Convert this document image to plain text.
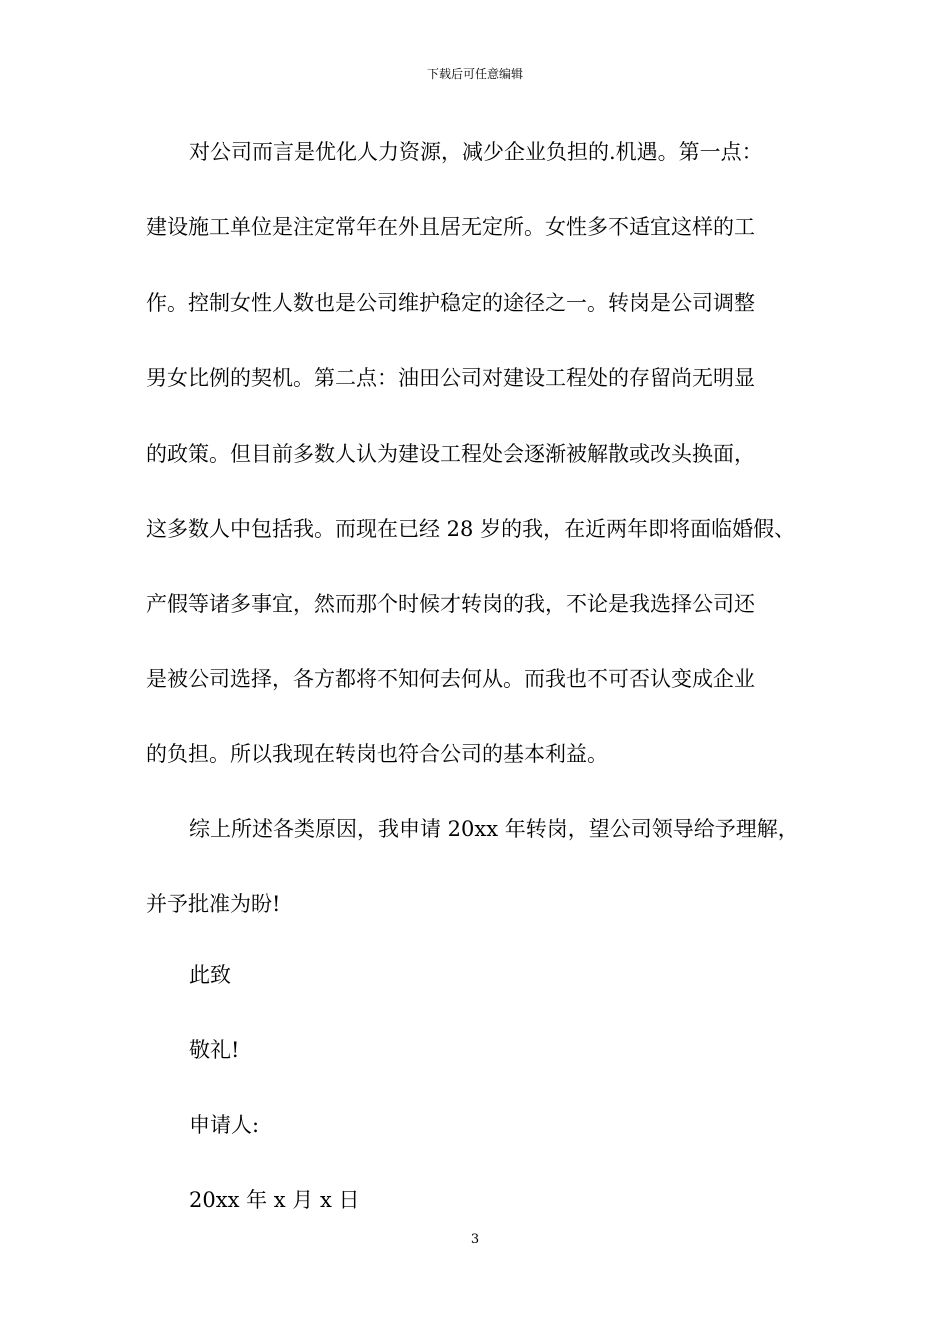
下载后可任意编辑
对公司而言是优化人力资源，减少企业负担的.机遇。第一点：
建设施工单位是注定常年在外且居无定所。女性多不适宜这样的工
作。控制女性人数也是公司维护稳定的途径之一。转岗是公司调整
男女比例的契机。第二点：油田公司对建设工程处的存留尚无明显
的政策。但目前多数人认为建设工程处会逐渐被解散或改头换面，
这多数人中包括我。而现在已经 28 岁的我，在近两年即将面临婚假、
产假等诸多事宜，然而那个时候才转岗的我，不论是我选择公司还
是被公司选择，各方都将不知何去何从。而我也不可否认变成企业
的负担。所以我现在转岗也符合公司的基本利益。
综上所述各类原因，我申请 20xx 年转岗，望公司领导给予理解，
并予批准为盼!
此致
敬礼!
申请人:
20xx 年 x 月 x 日
3
